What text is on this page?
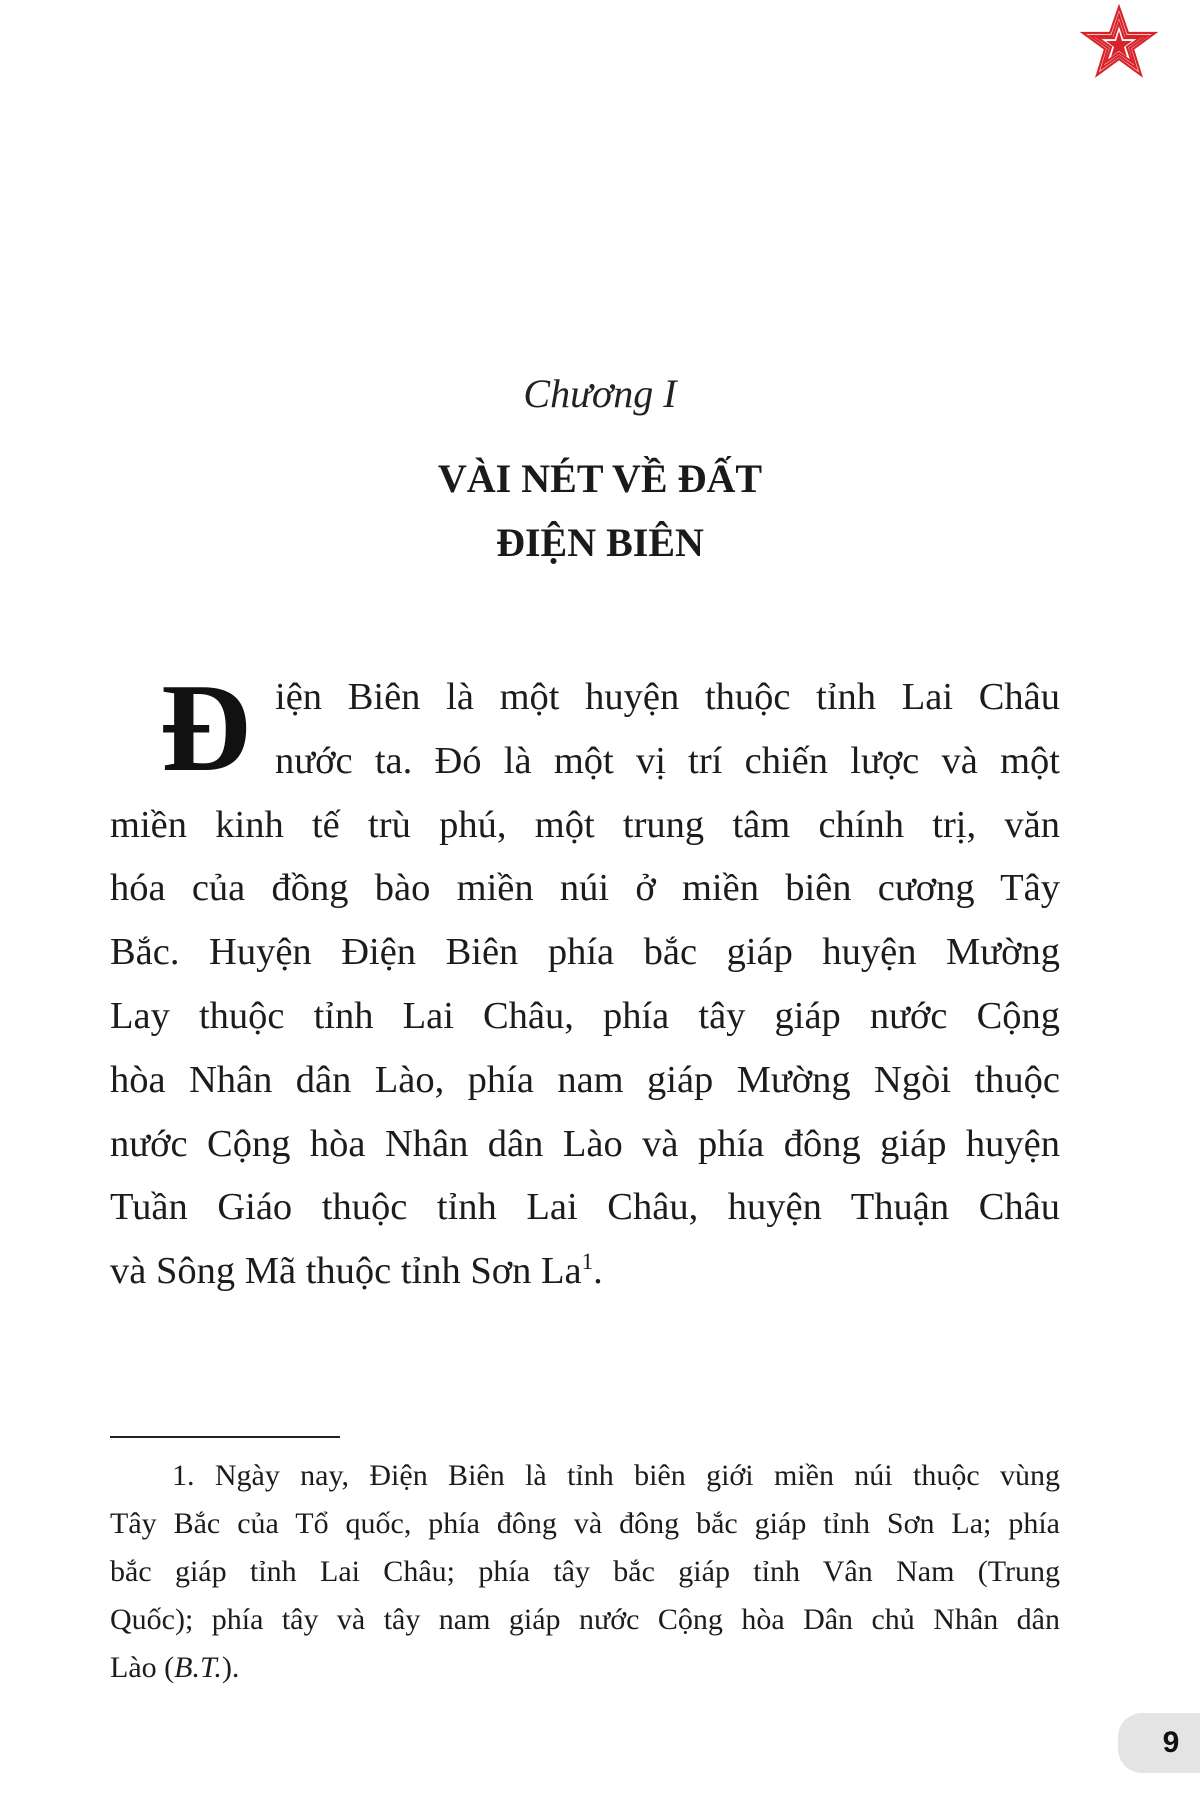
Chương I
VÀI NÉT VỀ ĐẤT
ĐIỆN BIÊN
Đ iện Biên là một huyện thuộc tỉnh Lai Châu
nước ta. Đó là một vị trí chiến lược và một
miền kinh tế trù phú, một trung tâm chính trị, văn
hóa của đồng bào miền núi ở miền biên cương Tây
Bắc. Huyện Điện Biên phía bắc giáp huyện Mường
Lay thuộc tỉnh Lai Châu, phía tây giáp nước Cộng
hòa Nhân dân Lào, phía nam giáp Mường Ngòi thuộc
nước Cộng hòa Nhân dân Lào và phía đông giáp huyện
Tuần Giáo thuộc tỉnh Lai Châu, huyện Thuận Châu
và Sông Mã thuộc tỉnh Sơn La$^1$.
1. Ngày nay, Điện Biên là tỉnh biên giới miền núi thuộc vùng
Tây Bắc của Tổ quốc, phía đông và đông bắc giáp tỉnh Sơn La; phía
bắc giáp tỉnh Lai Châu; phía tây bắc giáp tỉnh Vân Nam (Trung
Quốc); phía tây và tây nam giáp nước Cộng hòa Dân chủ Nhân dân
Lào (B.T.).
9
